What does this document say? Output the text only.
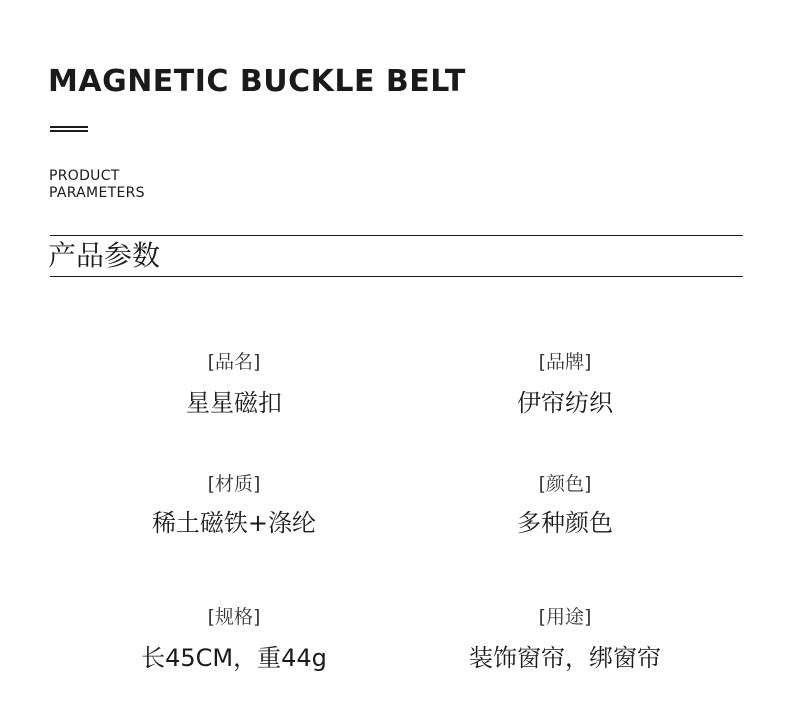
MAGNETIC BUCKLE BELT
PRODUCT
PARAMETERS
产品参数
[品名]
星星磁扣
[品牌]
伊帘纺织
[材质]
稀土磁铁+涤纶
[颜色]
多种颜色
[规格]
长45CM，重44g
[用途]
装饰窗帘，绑窗帘
